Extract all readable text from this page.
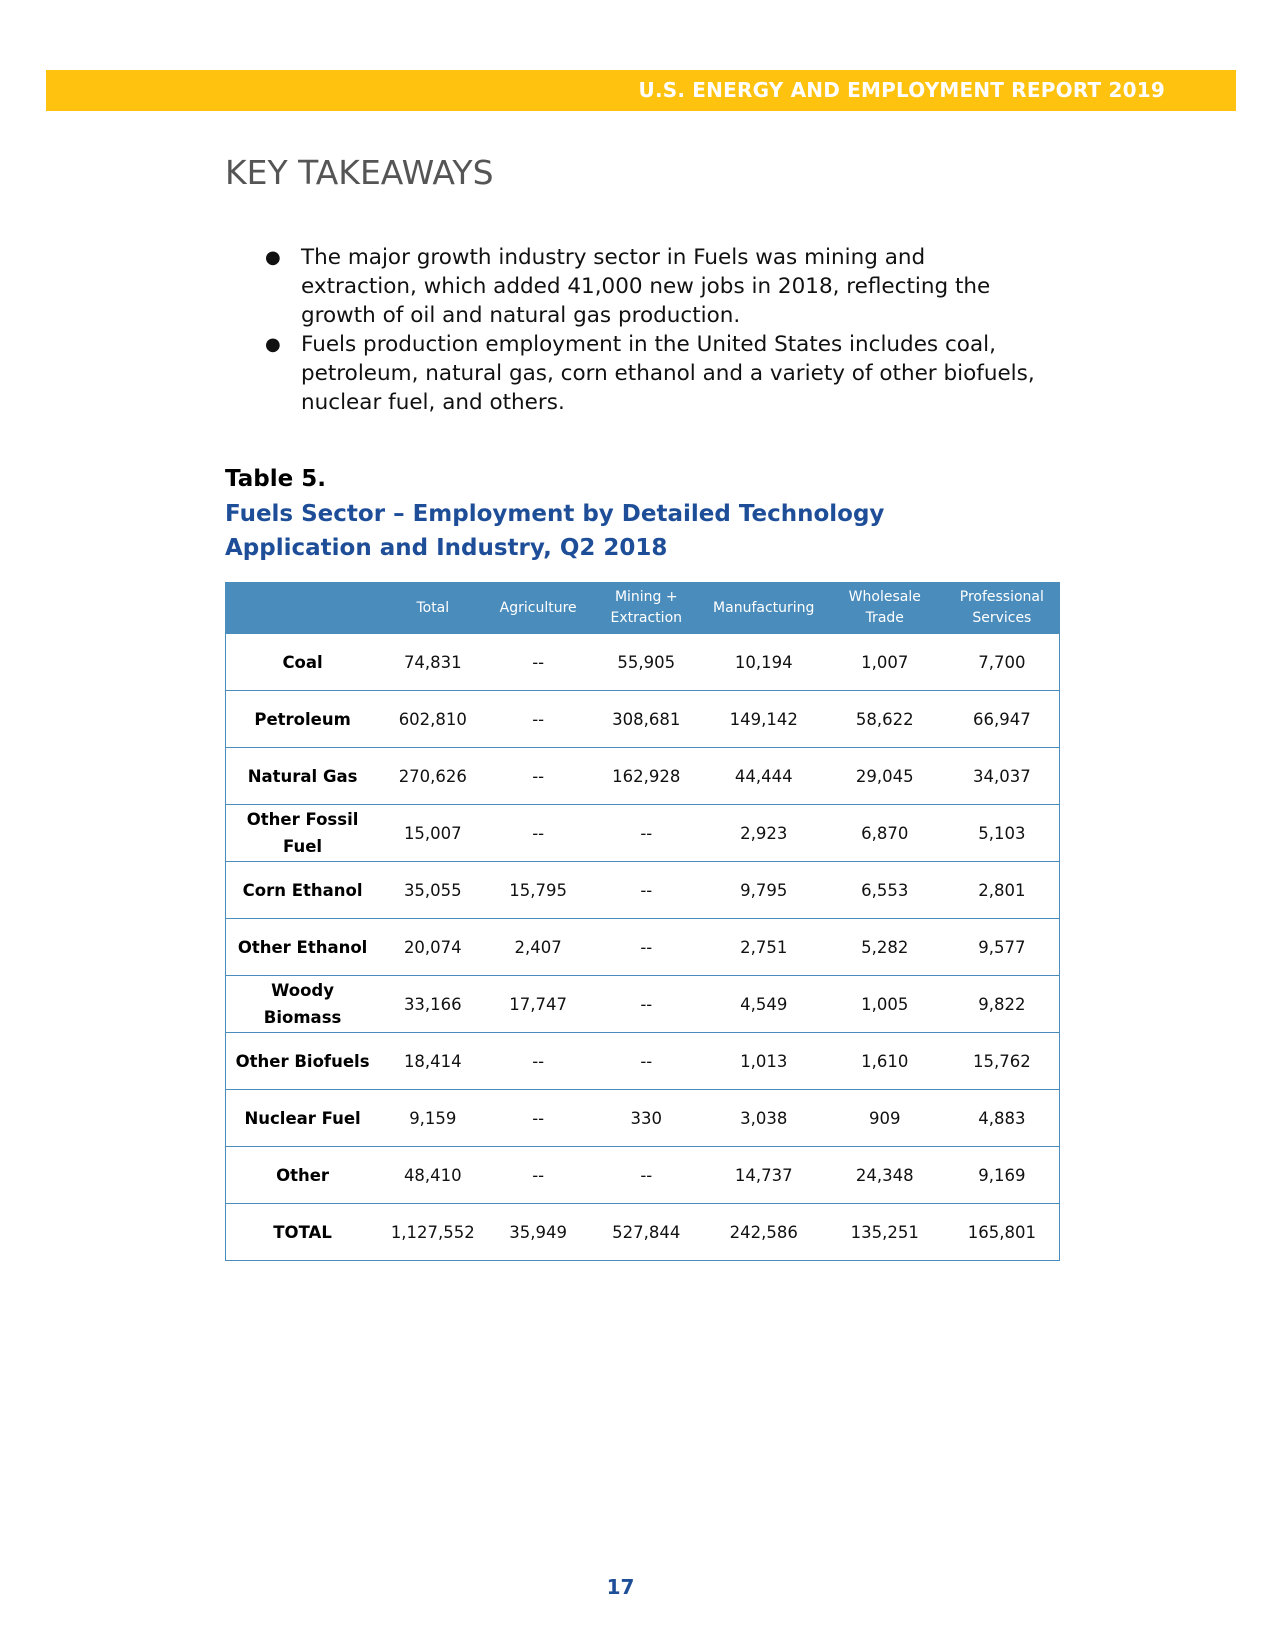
U.S. ENERGY AND EMPLOYMENT REPORT 2019
KEY TAKEAWAYS
● The major growth industry sector in Fuels was mining and extraction, which added 41,000 new jobs in 2018, reflecting the growth of oil and natural gas production.
● Fuels production employment in the United States includes coal, petroleum, natural gas, corn ethanol and a variety of other biofuels, nuclear fuel, and others.
Table 5.
Fuels Sector – Employment by Detailed Technology Application and Industry, Q2 2018
	Total	Agriculture	Mining + Extraction	Manufacturing	Wholesale Trade	Professional Services
Coal	74,831	--	55,905	10,194	1,007	7,700
Petroleum	602,810	--	308,681	149,142	58,622	66,947
Natural Gas	270,626	--	162,928	44,444	29,045	34,037
Other Fossil Fuel	15,007	--	--	2,923	6,870	5,103
Corn Ethanol	35,055	15,795	--	9,795	6,553	2,801
Other Ethanol	20,074	2,407	--	2,751	5,282	9,577
Woody Biomass	33,166	17,747	--	4,549	1,005	9,822
Other Biofuels	18,414	--	--	1,013	1,610	15,762
Nuclear Fuel	9,159	--	330	3,038	909	4,883
Other	48,410	--	--	14,737	24,348	9,169
TOTAL	1,127,552	35,949	527,844	242,586	135,251	165,801
17
